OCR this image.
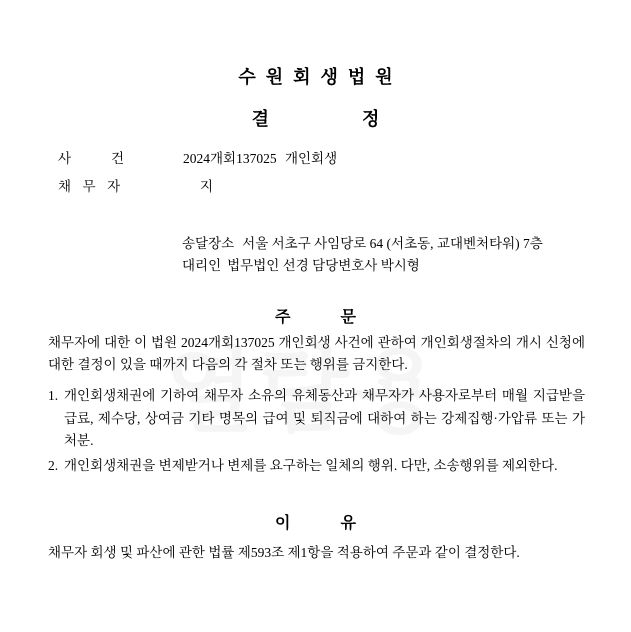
수원회생법원
결정
사건 2024개회137025 개인회생
채무자	지
송달장소 서울 서초구 사임당로 64 (서초동, 교대벤처타워) 7층
대리인 법무법인 선경 담당변호사 박시형
주문
채무자에 대한 이 법원 2024개회137025 개인회생 사건에 관하여 개인회생절차의 개시 신청에 대한 결정이 있을 때까지 다음의 각 절차 또는 행위를 금지한다.
1. 개인회생채권에 기하여 채무자 소유의 유체동산과 채무자가 사용자로부터 매월 지급받을 급료, 제수당, 상여금 기타 명목의 급여 및 퇴직금에 대하여 하는 강제집행·가압류 또는 가처분.
2. 개인회생채권을 변제받거나 변제를 요구하는 일체의 행위. 다만, 소송행위를 제외한다.
이유
채무자 회생 및 파산에 관한 법률 제593조 제1항을 적용하여 주문과 같이 결정한다.
